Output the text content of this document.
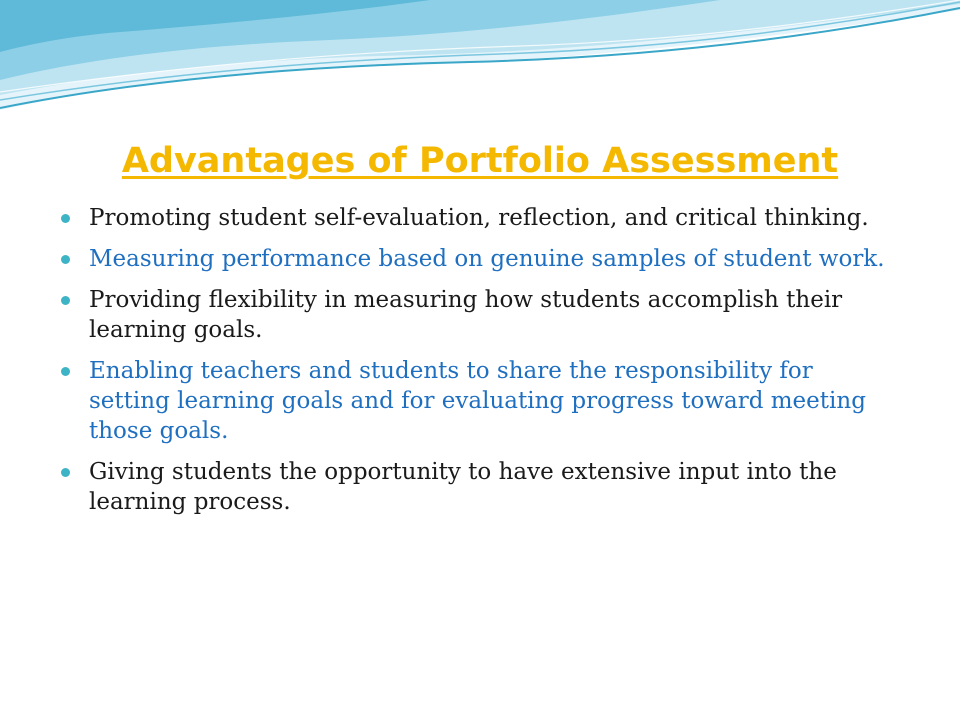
Advantages of Portfolio Assessment
Promoting student self-evaluation, reflection, and critical thinking.
Measuring performance based on genuine samples of student work.
Providing flexibility in measuring how students accomplish their learning goals.
Enabling teachers and students to share the responsibility for setting learning goals and for evaluating progress toward meeting those goals.
Giving students the opportunity to have extensive input into the learning process.
